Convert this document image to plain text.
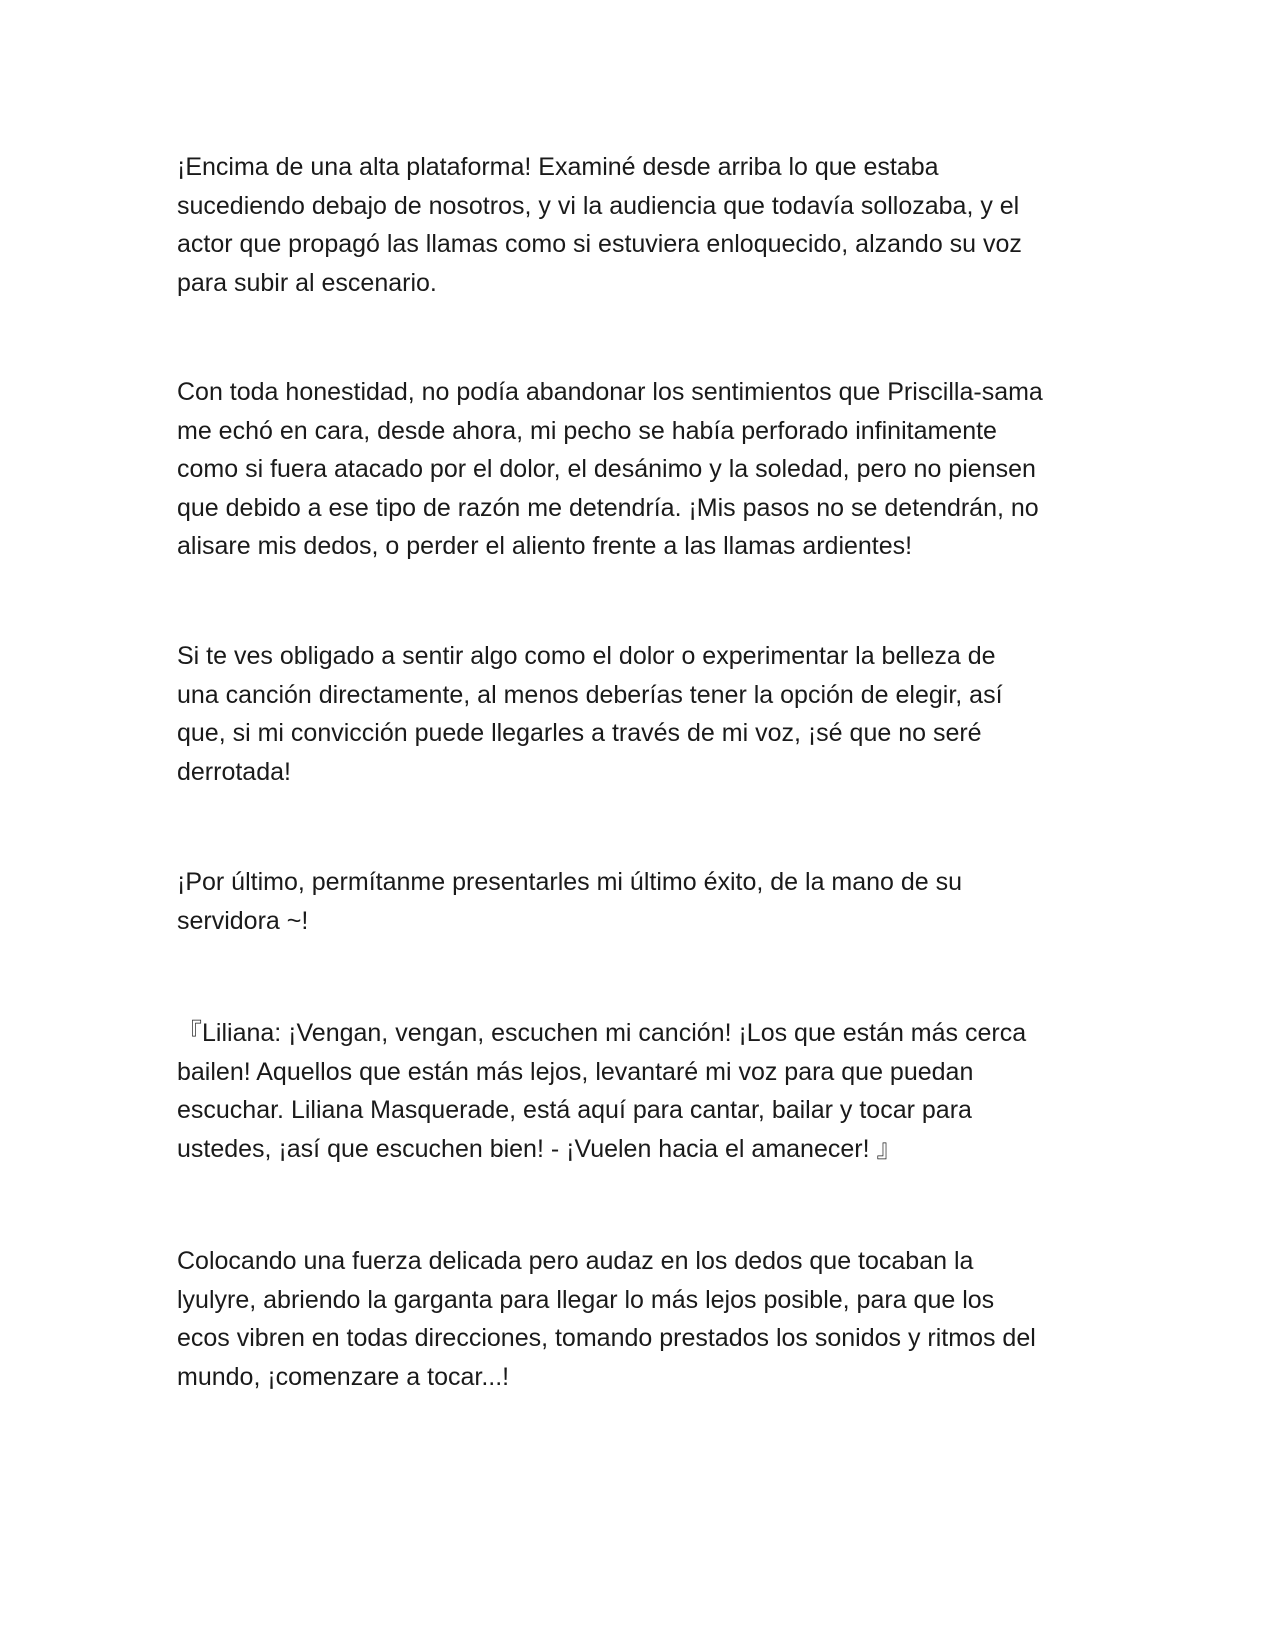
¡Encima de una alta plataforma! Examiné desde arriba lo que estaba
sucediendo debajo de nosotros, y vi la audiencia que todavía sollozaba, y el
actor que propagó las llamas como si estuviera enloquecido, alzando su voz
para subir al escenario.

Con toda honestidad, no podía abandonar los sentimientos que Priscilla-sama
me echó en cara, desde ahora, mi pecho se había perforado infinitamente
como si fuera atacado por el dolor, el desánimo y la soledad, pero no piensen
que debido a ese tipo de razón me detendría. ¡Mis pasos no se detendrán, no
alisare mis dedos, o perder el aliento frente a las llamas ardientes!

Si te ves obligado a sentir algo como el dolor o experimentar la belleza de
una canción directamente, al menos deberías tener la opción de elegir, así
que, si mi convicción puede llegarles a través de mi voz, ¡sé que no seré
derrotada!

¡Por último, permítanme presentarles mi último éxito, de la mano de su
servidora ~!

『Liliana: ¡Vengan, vengan, escuchen mi canción! ¡Los que están más cerca
bailen! Aquellos que están más lejos, levantaré mi voz para que puedan
escuchar. Liliana Masquerade, está aquí para cantar, bailar y tocar para
ustedes, ¡así que escuchen bien! - ¡Vuelen hacia el amanecer! 』

Colocando una fuerza delicada pero audaz en los dedos que tocaban la
lyulyre, abriendo la garganta para llegar lo más lejos posible, para que los
ecos vibren en todas direcciones, tomando prestados los sonidos y ritmos del
mundo, ¡comenzare a tocar...!
